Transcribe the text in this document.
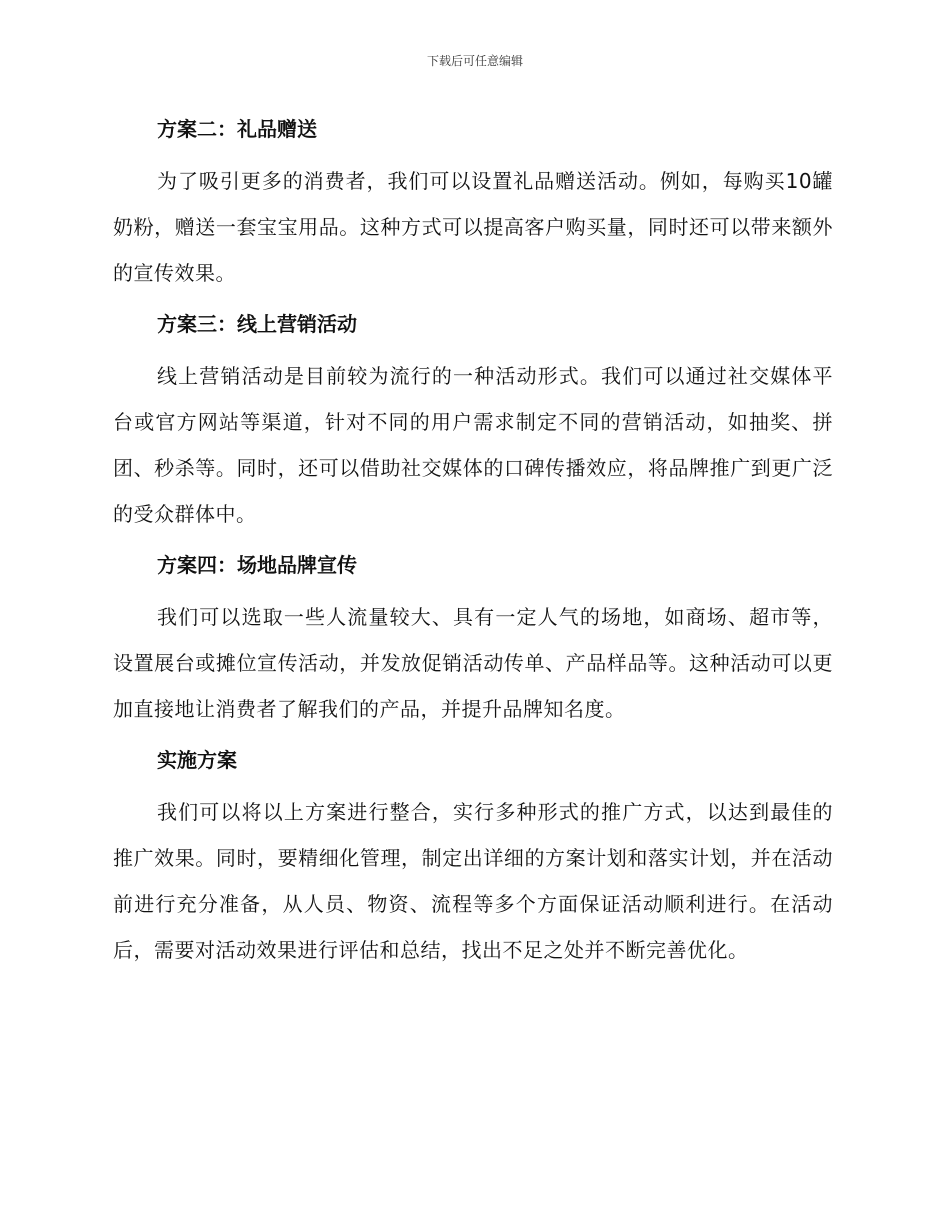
下载后可任意编辑
方案二：礼品赠送

为了吸引更多的消费者，我们可以设置礼品赠送活动。例如，每购买10罐奶粉，赠送一套宝宝用品。这种方式可以提高客户购买量，同时还可以带来额外的宣传效果。

方案三：线上营销活动

线上营销活动是目前较为流行的一种活动形式。我们可以通过社交媒体平台或官方网站等渠道，针对不同的用户需求制定不同的营销活动，如抽奖、拼团、秒杀等。同时，还可以借助社交媒体的口碑传播效应，将品牌推广到更广泛的受众群体中。

方案四：场地品牌宣传

我们可以选取一些人流量较大、具有一定人气的场地，如商场、超市等，设置展台或摊位宣传活动，并发放促销活动传单、产品样品等。这种活动可以更加直接地让消费者了解我们的产品，并提升品牌知名度。

实施方案

我们可以将以上方案进行整合，实行多种形式的推广方式，以达到最佳的推广效果。同时，要精细化管理，制定出详细的方案计划和落实计划，并在活动前进行充分准备，从人员、物资、流程等多个方面保证活动顺利进行。在活动后，需要对活动效果进行评估和总结，找出不足之处并不断完善优化。
